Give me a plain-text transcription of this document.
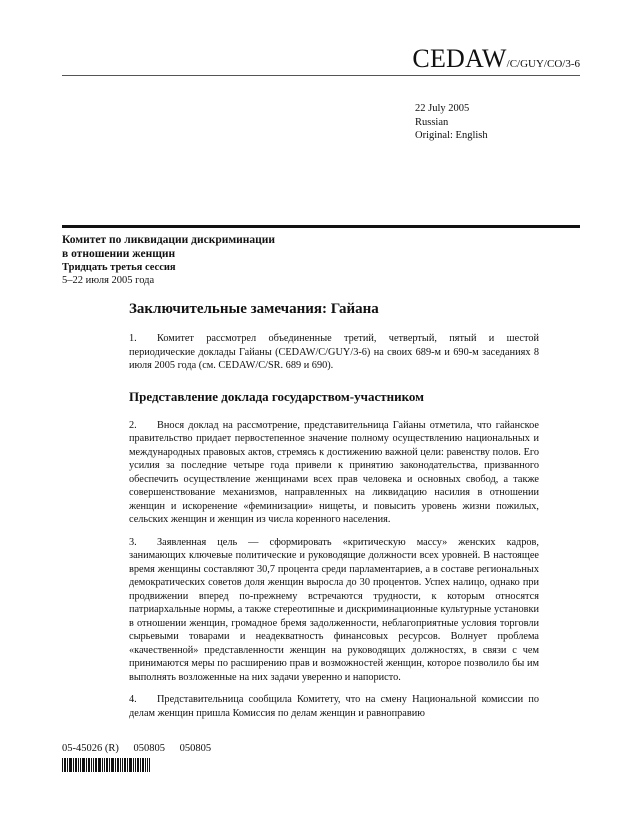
CEDAW/C/GUY/CO/3-6
22 July 2005
Russian
Original: English
Комитет по ликвидации дискриминации
в отношении женщин
Тридцать третья сессия
5–22 июля 2005 года
Заключительные замечания: Гайана

1. Комитет рассмотрел объединенные третий, четвертый, пятый и шестой периодические доклады Гайаны (CEDAW/C/GUY/3-6) на своих 689-м и 690-м заседаниях 8 июля 2005 года (см. CEDAW/C/SR. 689 и 690).

Представление доклада государством-участником

2. Внося доклад на рассмотрение, представительница Гайаны отметила, что гайанское правительство придает первостепенное значение полному осуществлению национальных и международных правовых актов, стремясь к достижению важной цели: равенству полов. Его усилия за последние четыре года привели к принятию законодательства, призванного обеспечить осуществление женщинами всех прав человека и основных свобод, а также совершенствование механизмов, направленных на ликвидацию насилия в отношении женщин и искоренение «феминизации» нищеты, и повысить уровень жизни пожилых, сельских женщин и женщин из числа коренного населения.

3. Заявленная цель — сформировать «критическую массу» женских кадров, занимающих ключевые политические и руководящие должности всех уровней. В настоящее время женщины составляют 30,7 процента среди парламентариев, а в составе региональных демократических советов доля женщин выросла до 30 процентов. Успех налицо, однако при продвижении вперед по-прежнему встречаются трудности, к которым относятся патриархальные нормы, а также стереотипные и дискриминационные культурные установки в отношении женщин, громадное бремя задолженности, неблагоприятные условия торговли сырьевыми товарами и неадекватность финансовых ресурсов. Волнует проблема «качественной» представленности женщин на руководящих должностях, в связи с чем принимаются меры по расширению прав и возможностей женщин, которое позволило бы им выполнять возложенные на них задачи уверенно и напористо.

4. Представительница сообщила Комитету, что на смену Национальной комиссии по делам женщин пришла Комиссия по делам женщин и равноправию

05-45026 (R) 050805 050805
